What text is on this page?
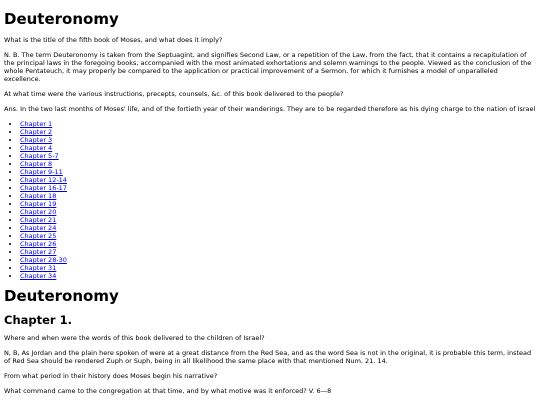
Deuteronomy

What is the title of the fifth book of Moses, and what does it imply?

N. B. The term Deuteronomy is taken from the Septuagint, and signifies Second Law, or a repetition of the Law, from the fact, that it contains a recapitulation of the principal laws in the foregoing books, accompanied with the most animated exhortations and solemn warnings to the people. Viewed as the conclusion of the whole Pentateuch, it may properly be compared to the application or practical improvement of a Sermon, for which it furnishes a model of unparalleled excellence.

At what time were the various instructions, precepts, counsels, &c. of this book delivered to the people?

Ans. In the two last months of Moses' life, and of the fortieth year of their wanderings. They are to be regarded therefore as his dying charge to the nation of Israel

• Chapter 1
• Chapter 2
• Chapter 3
• Chapter 4
• Chapter 5-7
• Chapter 8
• Chapter 9-11
• Chapter 12-14
• Chapter 16-17
• Chapter 18
• Chapter 19
• Chapter 20
• Chapter 21
• Chapter 24
• Chapter 25
• Chapter 26
• Chapter 27
• Chapter 28-30
• Chapter 31
• Chapter 34
Deuteronomy
Chapter 1.

Where and when were the words of this book delivered to the children of Israel?

N, B, As Jordan and the plain here spoken of were at a great distance from the Red Sea, and as the word Sea is not in the original, it is probable this term, instead of Red Sea should be rendered Zuph or Suph, being in all likelihood the same place with that mentioned Num. 21. 14.

From what period in their history does Moses begin his narrative?

What command came to the congregation at that time, and by what motive was it enforced? V. 6—8
